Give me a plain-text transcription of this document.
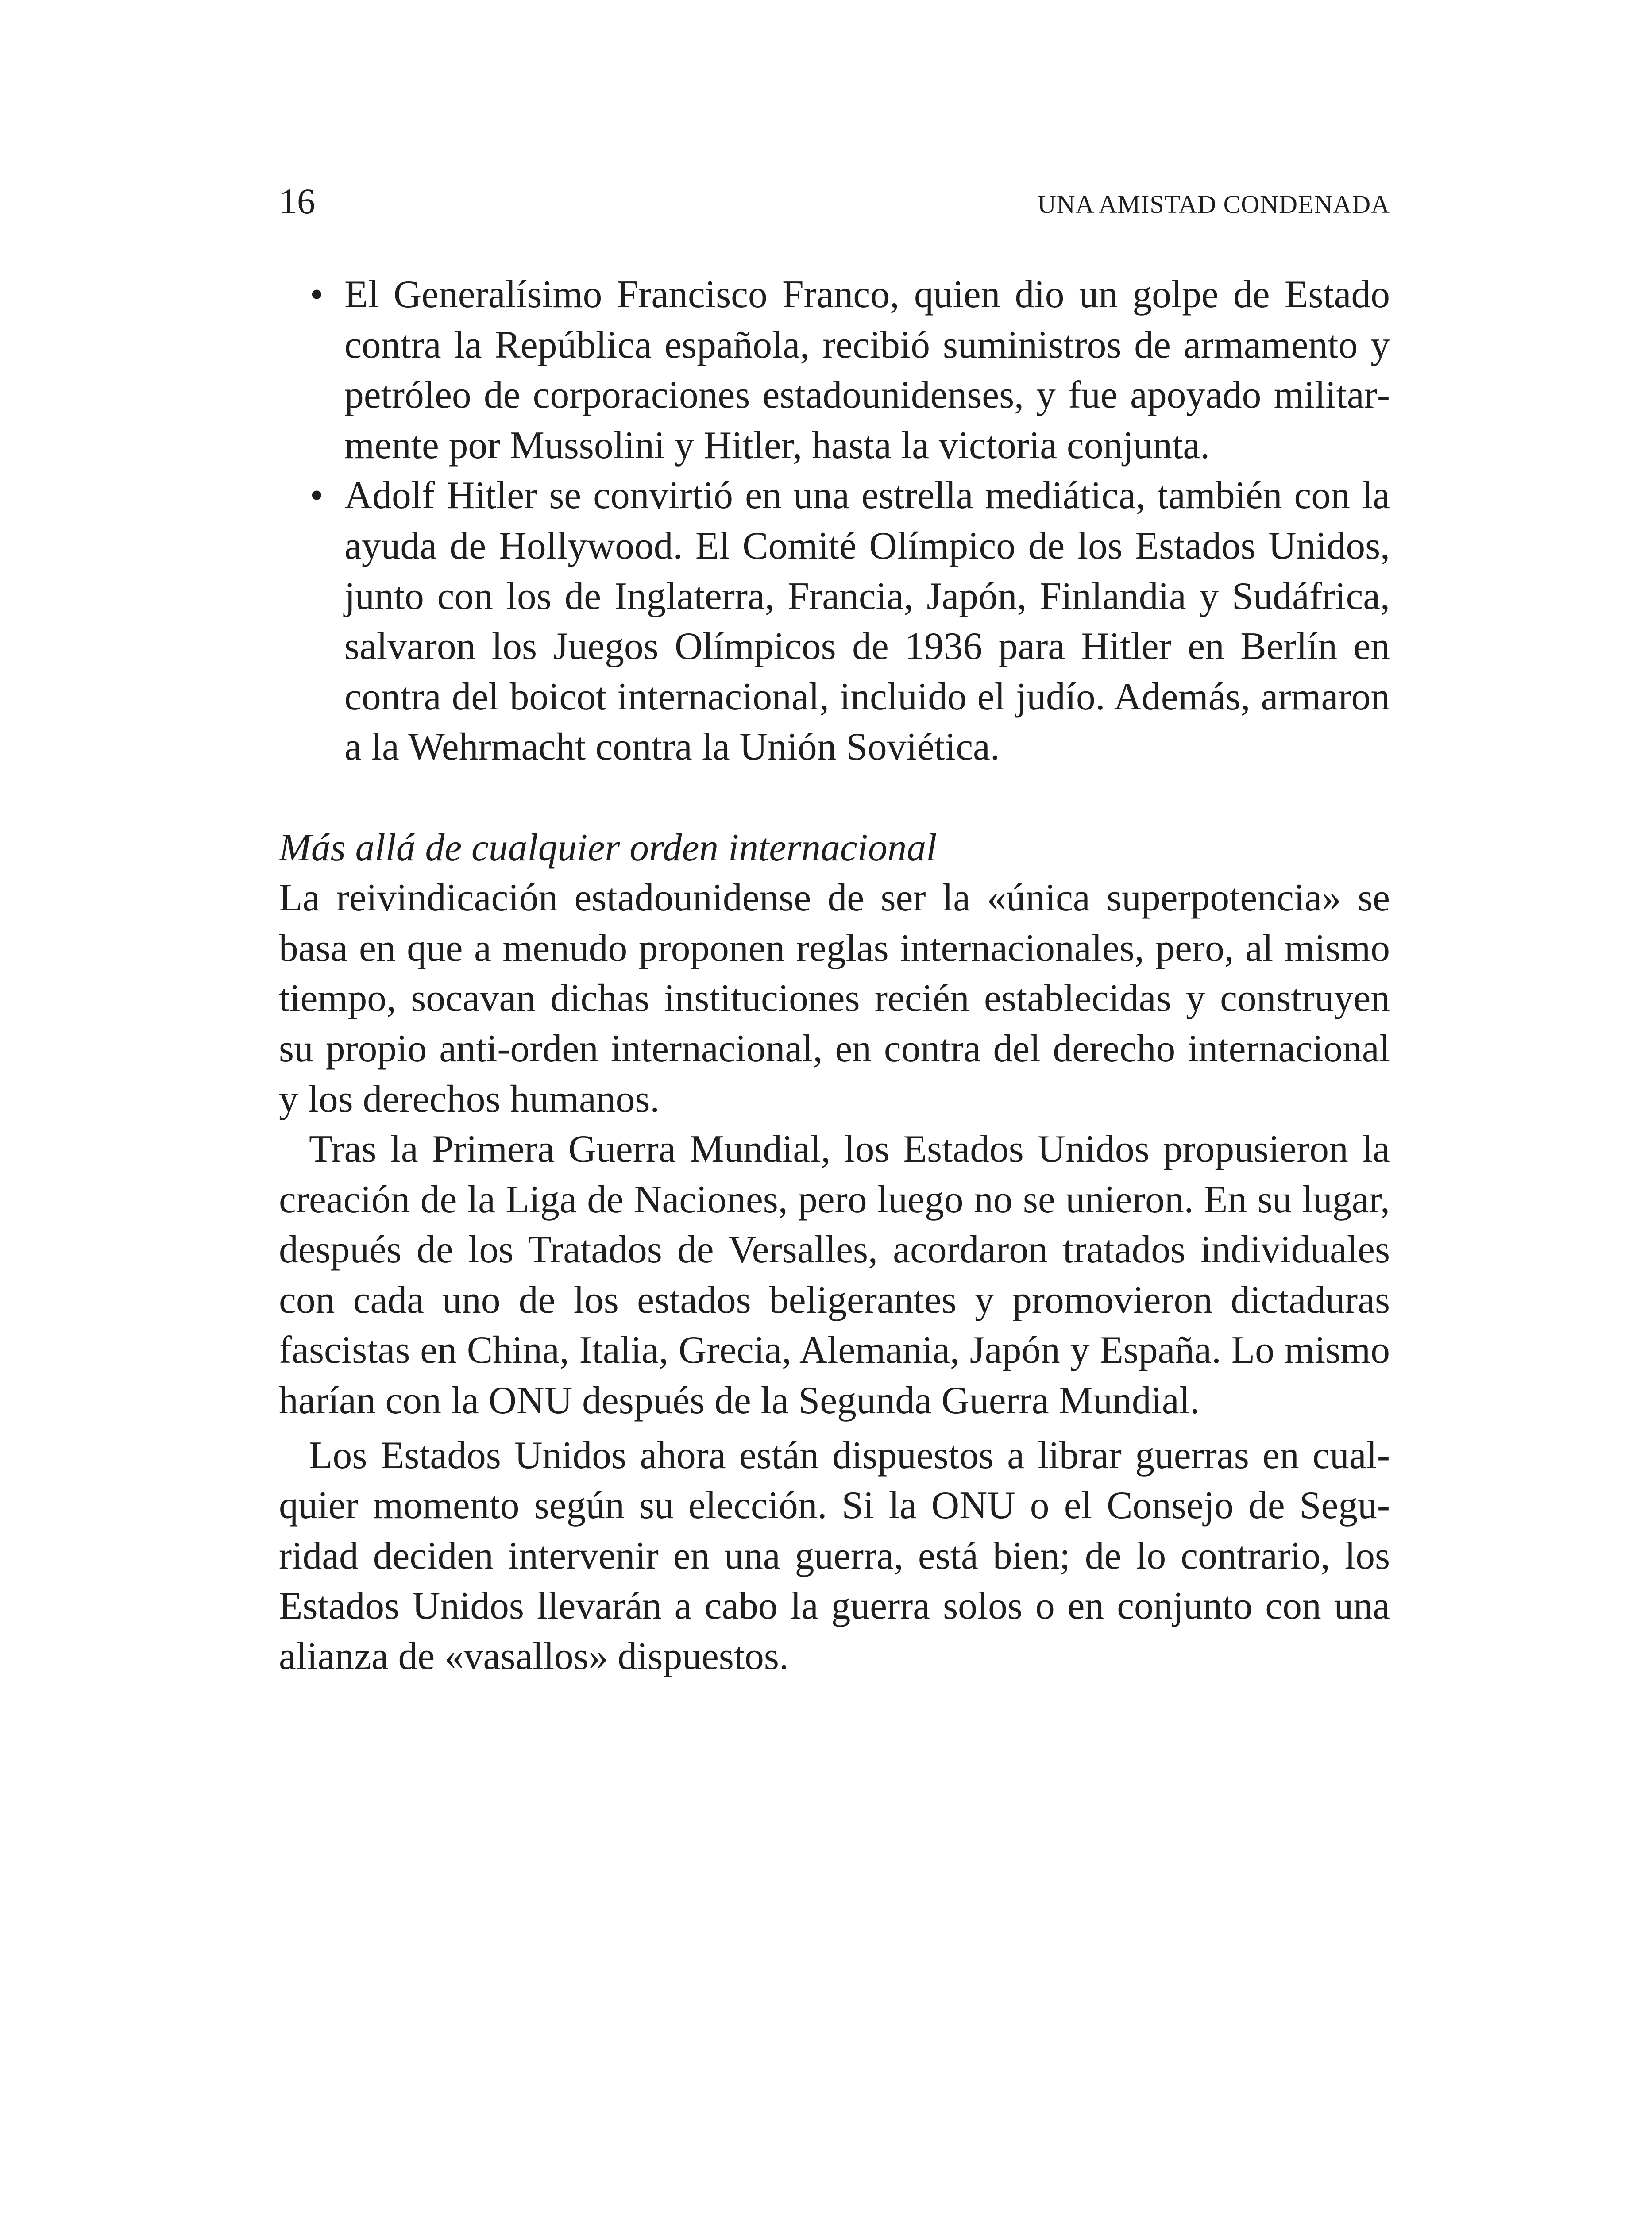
16	UNA AMISTAD CONDENADA
• El Generalísimo Francisco Franco, quien dio un golpe de Estado contra la República española, recibió suministros de armamento y petróleo de corporaciones estadounidenses, y fue apoyado militarmente por Mussolini y Hitler, hasta la victoria conjunta.
• Adolf Hitler se convirtió en una estrella mediática, también con la ayuda de Hollywood. El Comité Olímpico de los Estados Unidos, junto con los de Inglaterra, Francia, Japón, Finlandia y Sudáfrica, salvaron los Juegos Olímpicos de 1936 para Hitler en Berlín en contra del boicot internacional, incluido el judío. Además, armaron a la Wehrmacht contra la Unión Soviética.

Más allá de cualquier orden internacional

La reivindicación estadounidense de ser la «única superpotencia» se basa en que a menudo proponen reglas internacionales, pero, al mismo tiempo, socavan dichas instituciones recién establecidas y construyen su propio anti-orden internacional, en contra del derecho internacional y los derechos humanos.

Tras la Primera Guerra Mundial, los Estados Unidos propusieron la creación de la Liga de Naciones, pero luego no se unieron. En su lugar, después de los Tratados de Versalles, acordaron tratados individuales con cada uno de los estados beligerantes y promovieron dictaduras fascistas en China, Italia, Grecia, Alemania, Japón y España. Lo mismo harían con la ONU después de la Segunda Guerra Mundial.

Los Estados Unidos ahora están dispuestos a librar guerras en cualquier momento según su elección. Si la ONU o el Consejo de Seguridad deciden intervenir en una guerra, está bien; de lo contrario, los Estados Unidos llevarán a cabo la guerra solos o en conjunto con una alianza de «vasallos» dispuestos.
